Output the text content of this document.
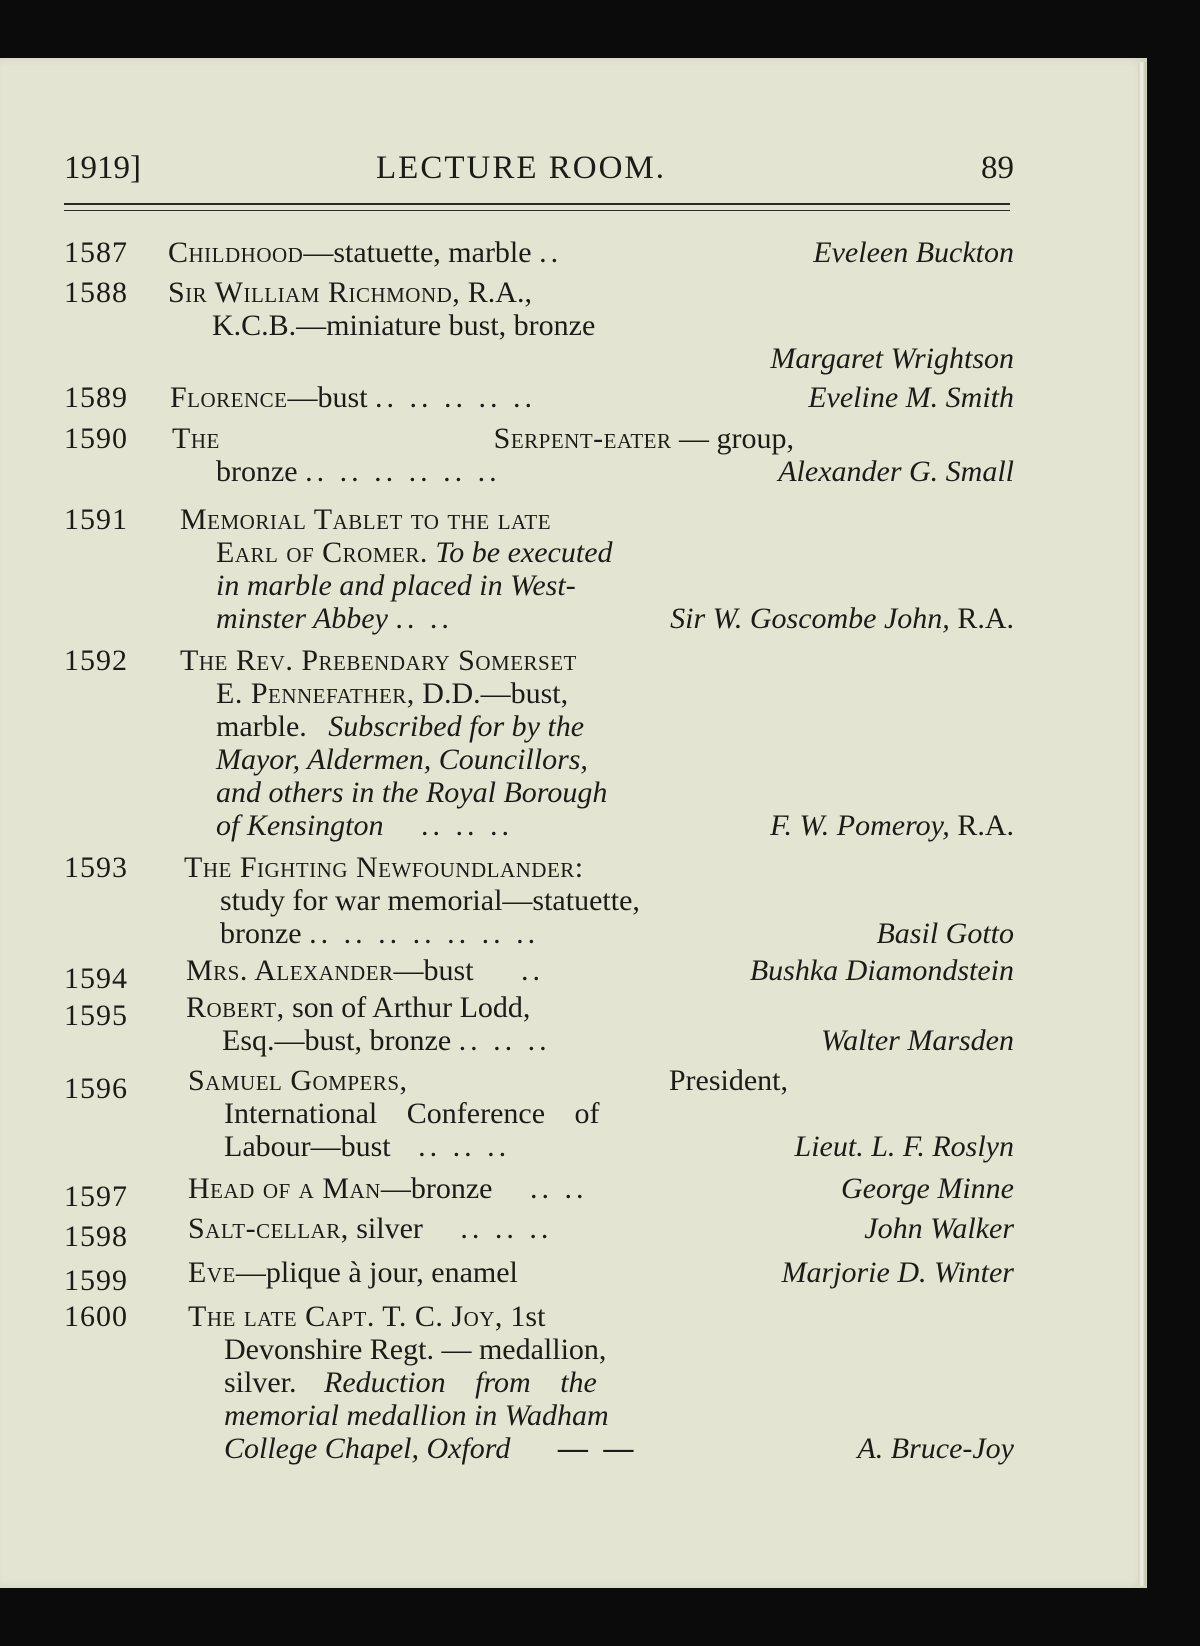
1919]	LECTURE ROOM.	89
1587	Childhood—statuette, marble ..	Eveleen Buckton
1588	Sir William Richmond, R.A.,
K.C.B.—miniature bust, bronze
Margaret Wrightson
1589	Florence—bust .. .. .. .. ..	Eveline M. Smith
1590	The	Serpent-eater — group,
bronze .. .. .. .. .. ..	Alexander G. Small
1591	Memorial Tablet to the late
Earl of Cromer. To be executed
in marble and placed in West-
minster Abbey .. ..	Sir W. Goscombe John, R.A.
1592	The Rev. Prebendary Somerset
E. Pennefather, D.D.—bust,
marble. Subscribed for by the
Mayor, Aldermen, Councillors,
and others in the Royal Borough
of Kensington .. .. ..	F. W. Pomeroy, R.A.
1593	The Fighting Newfoundlander:
study for war memorial—statuette,
bronze .. .. .. .. .. .. ..	Basil Gotto
1594	Mrs. Alexander—bust ..	Bushka Diamondstein
1595	Robert, son of Arthur Lodd,
Esq.—bust, bronze .. .. ..	Walter Marsden
1596	Samuel Gompers,	President,
International Conference of
Labour—bust .. .. ..	Lieut. L. F. Roslyn
1597	Head of a Man—bronze .. ..	George Minne
1598	Salt-cellar, silver .. .. ..	John Walker
1599	Eve—plique à jour, enamel	Marjorie D. Winter
1600	The late Capt. T. C. Joy, 1st
Devonshire Regt. — medallion,
silver. Reduction from the
memorial medallion in Wadham
College Chapel, Oxford — —	A. Bruce-Joy
